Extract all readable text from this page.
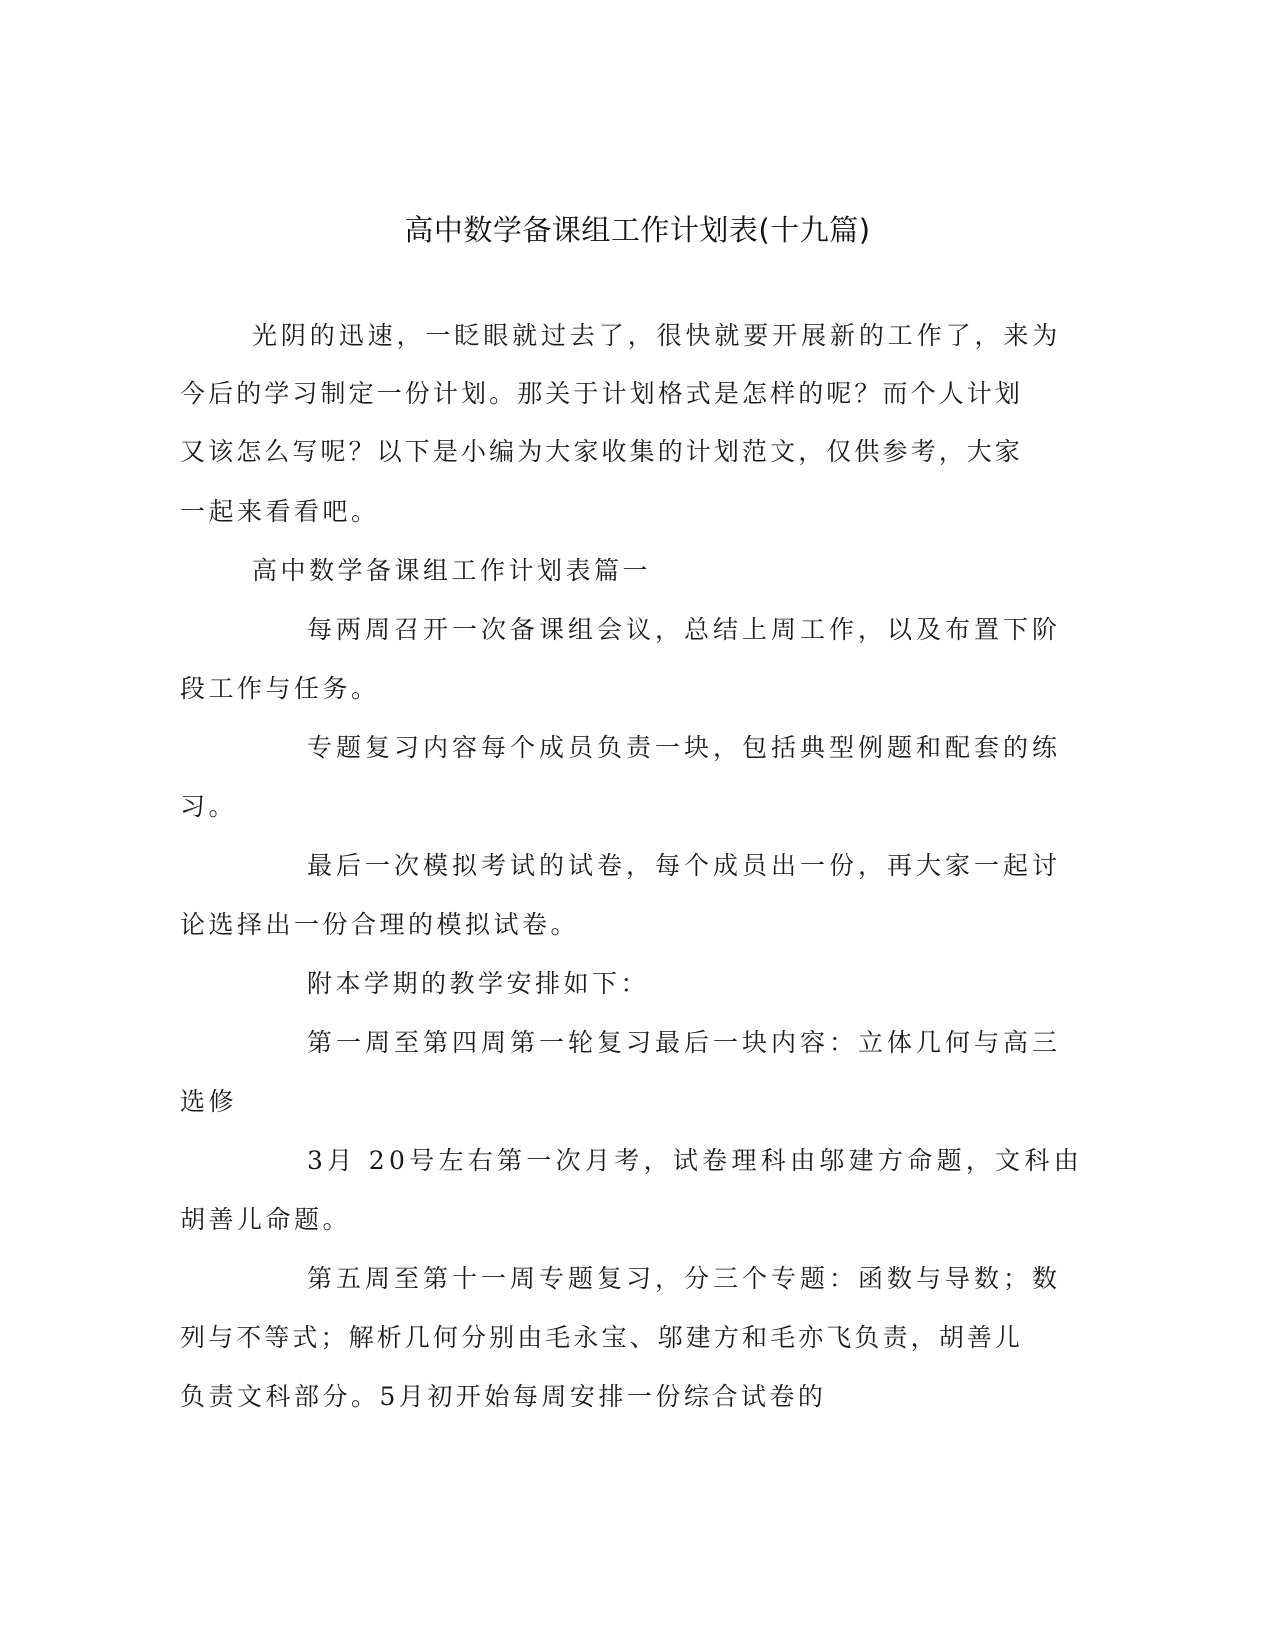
高中数学备课组工作计划表(十九篇)
光阴的迅速，一眨眼就过去了，很快就要开展新的工作了，来为
今后的学习制定一份计划。那关于计划格式是怎样的呢？而个人计划
又该怎么写呢？以下是小编为大家收集的计划范文，仅供参考，大家
一起来看看吧。
高中数学备课组工作计划表篇一
每两周召开一次备课组会议，总结上周工作，以及布置下阶
段工作与任务。
专题复习内容每个成员负责一块，包括典型例题和配套的练
习。
最后一次模拟考试的试卷，每个成员出一份，再大家一起讨
论选择出一份合理的模拟试卷。
附本学期的教学安排如下：
第一周至第四周第一轮复习最后一块内容：立体几何与高三
选修
3月 20号左右第一次月考，试卷理科由邬建方命题，文科由
胡善儿命题。
第五周至第十一周专题复习，分三个专题：函数与导数；数
列与不等式；解析几何分别由毛永宝、邬建方和毛亦飞负责，胡善儿
负责文科部分。5月初开始每周安排一份综合试卷的
